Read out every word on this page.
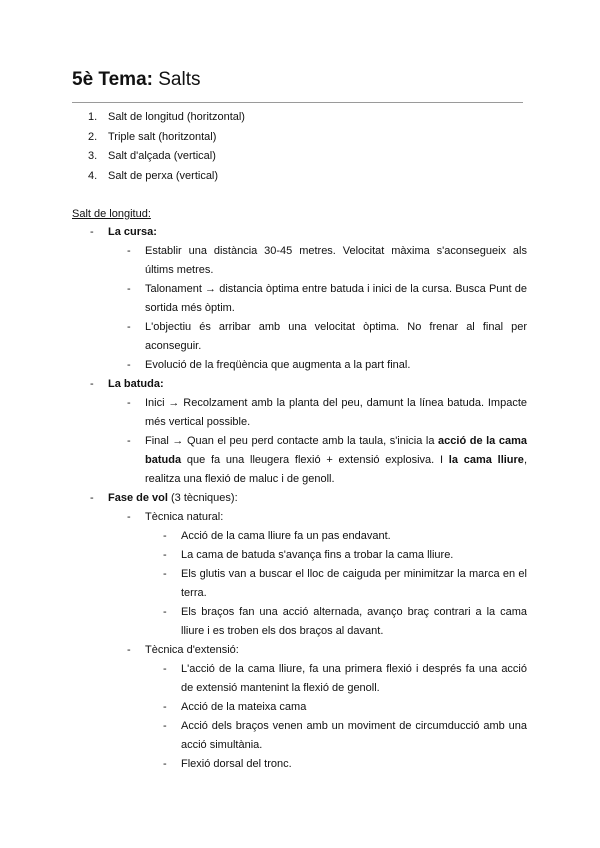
5è Tema: Salts
1. Salt de longitud (horitzontal)
2. Triple salt (horitzontal)
3. Salt d'alçada (vertical)
4. Salt de perxa (vertical)
Salt de longitud:
- La cursa:
- Establir una distància 30-45 metres. Velocitat màxima s'aconsegueix als últims metres.
- Talonament → distancia òptima entre batuda i inici de la cursa. Busca Punt de sortida més òptim.
- L'objectiu és arribar amb una velocitat òptima. No frenar al final per aconseguir.
- Evolució de la freqüència que augmenta a la part final.
- La batuda:
- Inici → Recolzament amb la planta del peu, damunt la línea batuda. Impacte més vertical possible.
- Final → Quan el peu perd contacte amb la taula, s'inicia la acció de la cama batuda que fa una lleugera flexió + extensió explosiva. I la cama lliure, realitza una flexió de maluc i de genoll.
- Fase de vol (3 tècniques):
- Tècnica natural:
- Acció de la cama lliure fa un pas endavant.
- La cama de batuda s'avança fins a trobar la cama lliure.
- Els glutis van a buscar el lloc de caiguda per minimitzar la marca en el terra.
- Els braços fan una acció alternada, avanço braç contrari a la cama lliure i es troben els dos braços al davant.
- Tècnica d'extensió:
- L'acció de la cama lliure, fa una primera flexió i després fa una acció de extensió mantenint la flexió de genoll.
- Acció de la mateixa cama
- Acció dels braços venen amb un moviment de circumducció amb una acció simultània.
- Flexió dorsal del tronc.
